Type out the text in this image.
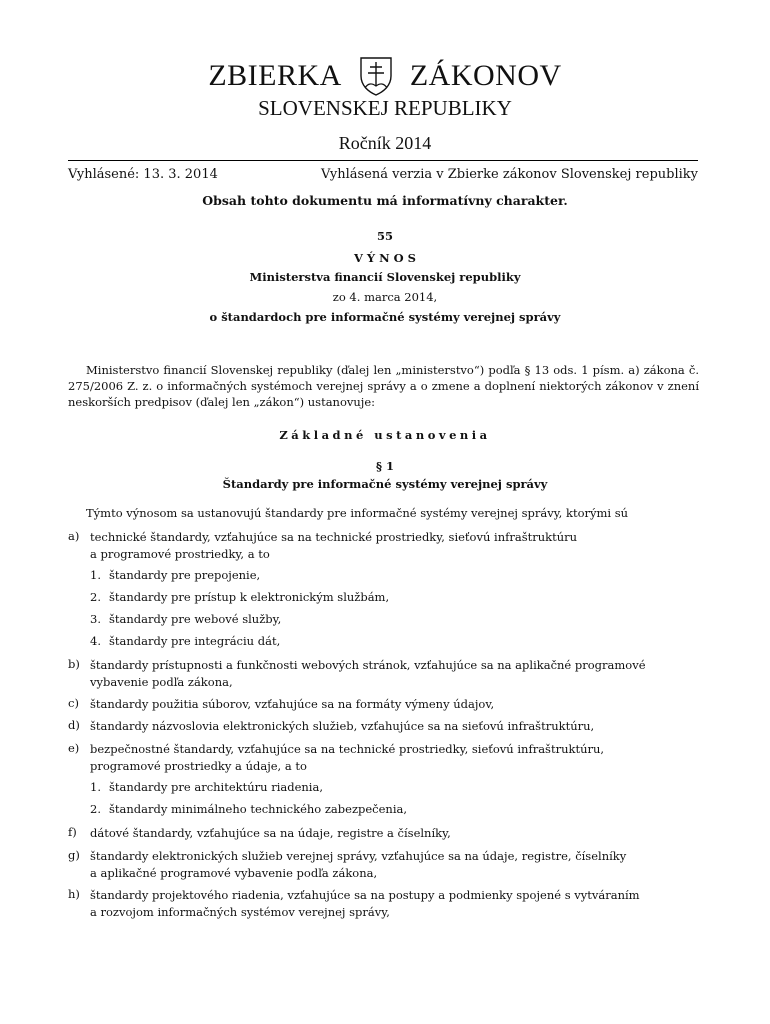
ZBIERKA ZÁKONOV
SLOVENSKEJ REPUBLIKY
Ročník 2014
Vyhlásené: 13. 3. 2014	Vyhlásená verzia v Zbierke zákonov Slovenskej republiky
Obsah tohto dokumentu má informatívny charakter.
55
V Ý N O S
Ministerstva financií Slovenskej republiky
zo 4. marca 2014,
o štandardoch pre informačné systémy verejnej správy
Ministerstvo financií Slovenskej republiky (ďalej len „ministerstvo“) podľa § 13 ods. 1 písm. a) zákona č. 275/2006 Z. z. o informačných systémoch verejnej správy a o zmene a doplnení niektorých zákonov v znení neskorších predpisov (ďalej len „zákon“) ustanovuje:
Základné ustanovenia
§ 1
Štandardy pre informačné systémy verejnej správy
Týmto výnosom sa ustanovujú štandardy pre informačné systémy verejnej správy, ktorými sú
a) technické štandardy, vzťahujúce sa na technické prostriedky, sieťovú infraštruktúru
a programové prostriedky, a to
1. štandardy pre prepojenie,
2. štandardy pre prístup k elektronickým službám,
3. štandardy pre webové služby,
4. štandardy pre integráciu dát,
b) štandardy prístupnosti a funkčnosti webových stránok, vzťahujúce sa na aplikačné programové
vybavenie podľa zákona,
c) štandardy použitia súborov, vzťahujúce sa na formáty výmeny údajov,
d) štandardy názvoslovia elektronických služieb, vzťahujúce sa na sieťovú infraštruktúru,
e) bezpečnostné štandardy, vzťahujúce sa na technické prostriedky, sieťovú infraštruktúru,
programové prostriedky a údaje, a to
1. štandardy pre architektúru riadenia,
2. štandardy minimálneho technického zabezpečenia,
f) dátové štandardy, vzťahujúce sa na údaje, registre a číselníky,
g) štandardy elektronických služieb verejnej správy, vzťahujúce sa na údaje, registre, číselníky
a aplikačné programové vybavenie podľa zákona,
h) štandardy projektového riadenia, vzťahujúce sa na postupy a podmienky spojené s vytváraním
a rozvojom informačných systémov verejnej správy,
